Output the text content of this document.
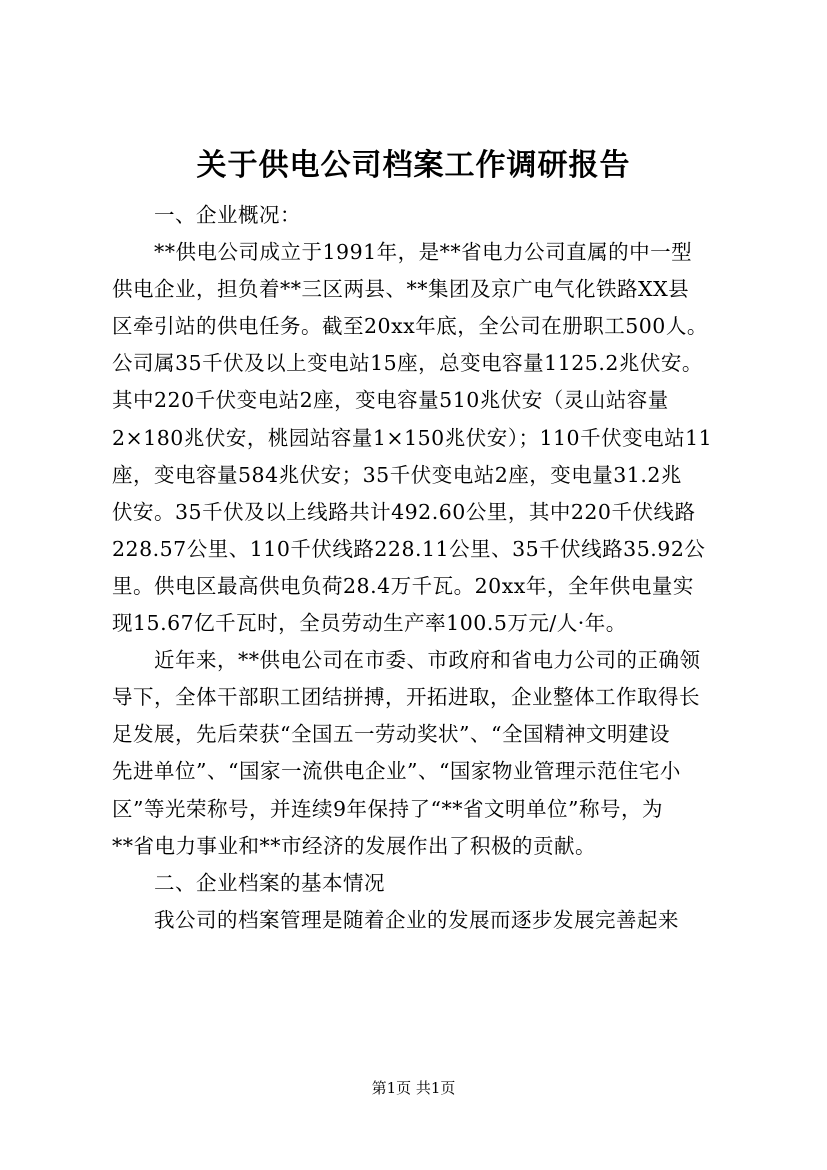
关于供电公司档案工作调研报告
一、企业概况：
**供电公司成立于1991年，是**省电力公司直属的中一型
供电企业，担负着**三区两县、**集团及京广电气化铁路XX县
区牵引站的供电任务。截至20xx年底，全公司在册职工500人。
公司属35千伏及以上变电站15座，总变电容量1125.2兆伏安。
其中220千伏变电站2座，变电容量510兆伏安（灵山站容量
2×180兆伏安，桃园站容量1×150兆伏安）；110千伏变电站11
座，变电容量584兆伏安；35千伏变电站2座，变电量31.2兆
伏安。35千伏及以上线路共计492.60公里，其中220千伏线路
228.57公里、110千伏线路228.11公里、35千伏线路35.92公
里。供电区最高供电负荷28.4万千瓦。20xx年，全年供电量实
现15.67亿千瓦时，全员劳动生产率100.5万元/人·年。
近年来，**供电公司在市委、市政府和省电力公司的正确领
导下，全体干部职工团结拼搏，开拓进取，企业整体工作取得长
足发展，先后荣获“全国五一劳动奖状”、“全国精神文明建设
先进单位”、“国家一流供电企业”、“国家物业管理示范住宅小
区”等光荣称号，并连续9年保持了“**省文明单位”称号，为
**省电力事业和**市经济的发展作出了积极的贡献。
二、企业档案的基本情况
我公司的档案管理是随着企业的发展而逐步发展完善起来
第1页 共1页
